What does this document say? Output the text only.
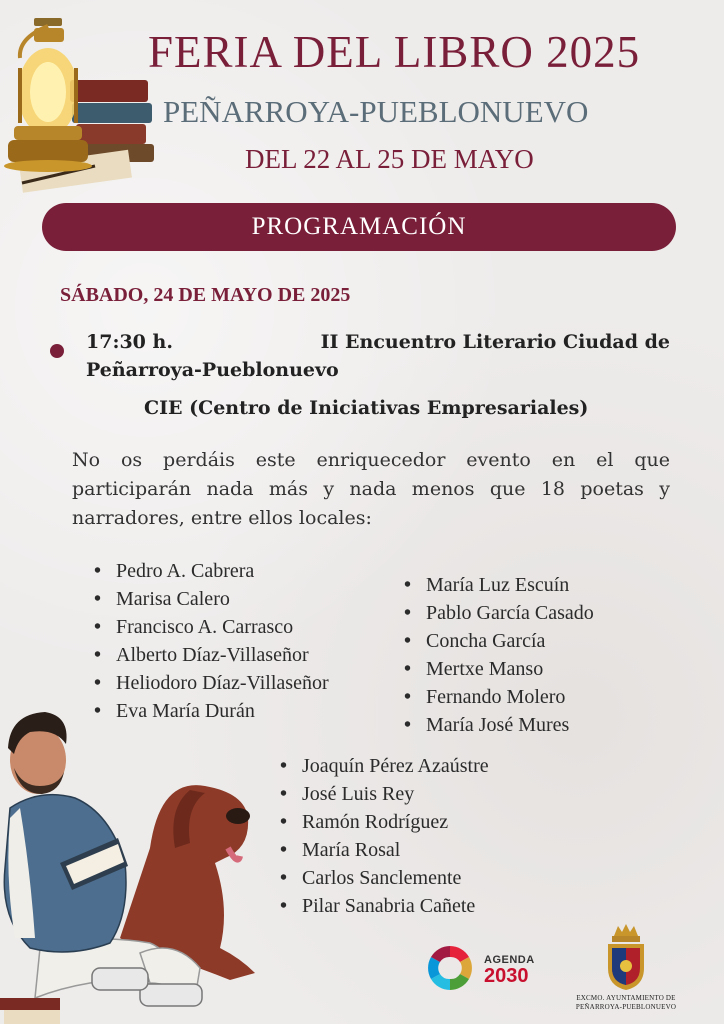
FERIA DEL LIBRO 2025
PEÑARROYA-PUEBLONUEVO
DEL 22 AL 25 DE MAYO
PROGRAMACIÓN
SÁBADO, 24 DE MAYO DE 2025
17:30 h.	II Encuentro Literario Ciudad de
Peñarroya-Pueblonuevo
CIE (Centro de Iniciativas Empresariales)
No os perdáis este enriquecedor evento en el que participarán nada más y nada menos que 18 poetas y narradores, entre ellos locales:
• Pedro A. Cabrera
• Marisa Calero
• Francisco A. Carrasco
• Alberto Díaz-Villaseñor
• Heliodoro Díaz-Villaseñor
• Eva María Durán
• María Luz Escuín
• Pablo García Casado
• Concha García
• Mertxe Manso
• Fernando Molero
• María José Mures
• Joaquín Pérez Azaústre
• José Luis Rey
• Ramón Rodríguez
• María Rosal
• Carlos Sanclemente
• Pilar Sanabria Cañete
AGENDA
2030
EXCMO. AYUNTAMIENTO DE
PEÑARROYA-PUEBLONUEVO
